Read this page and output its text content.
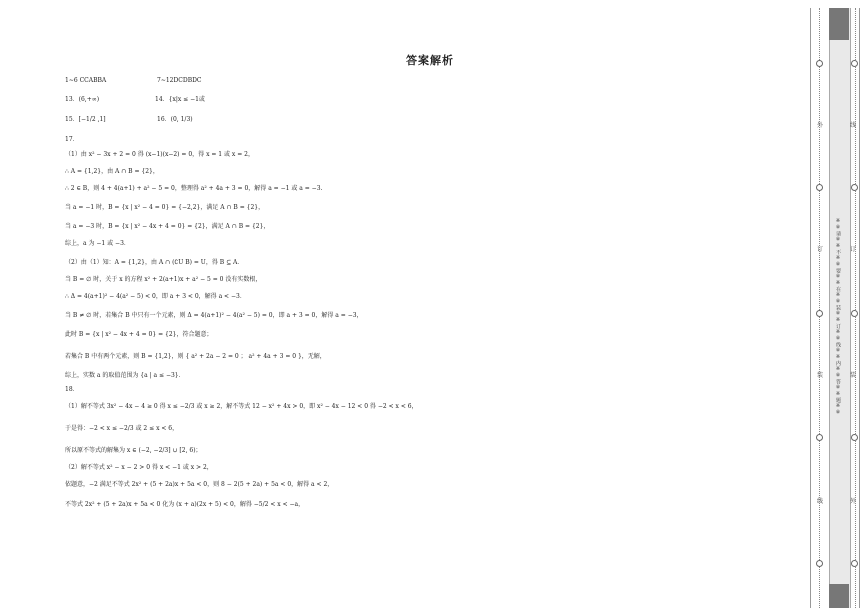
答案解析
1~6 CCABBA	7~12DCDBDC
13．(6,+∞)	14．{x|x ≤ −1或
15．[−1/2 ,1]	16．(0, 1/3)
17．
（1）由 x² − 3x + 2 = 0 得 (x−1)(x−2) = 0，得 x = 1 或 x = 2，
∴ A = {1,2}，由 A ∩ B = {2}，
∴ 2 ∈ B，则 4 + 4(a+1) + a² − 5 = 0，整理得 a² + 4a + 3 = 0，解得 a = −1 或 a = −3.
当 a = −1 时，B = {x | x² − 4 = 0} = {−2,2}，满足 A ∩ B = {2}，
当 a = −3 时，B = {x | x² − 4x + 4 = 0} = {2}，满足 A ∩ B = {2}，
综上，a 为 −1 或 −3．
（2）由（1）知：A = {1,2}，由 A ∩ (∁U B) = U，得 B ⊆ A．
当 B = ∅ 时，关于 x 的方程 x² + 2(a+1)x + a² − 5 = 0 没有实数根，
∴ Δ = 4(a+1)² − 4(a² − 5) < 0，即 a + 3 < 0，解得 a < −3．
当 B ≠ ∅ 时，若集合 B 中只有一个元素，则 Δ = 4(a+1)² − 4(a² − 5) = 0，即 a + 3 = 0，解得 a = −3，
此时 B = {x | x² − 4x + 4 = 0} = {2}，符合题意；
若集合 B 中有两个元素，则 B = {1,2}，则 { a² + 2a − 2 = 0 ； a² + 4a + 3 = 0 }，无解，
综上，实数 a 的取值范围为 {a | a ≤ −3}．
18．
（1）解不等式 3x² − 4x − 4 ≥ 0 得 x ≤ −2/3 或 x ≥ 2，解不等式 12 − x² + 4x > 0，即 x² − 4x − 12 < 0 得 −2 < x < 6，
于是得：−2 < x ≤ −2/3 或 2 ≤ x < 6，
所以原不等式的解集为 x ∈ (−2, −2/3] ∪ [2, 6)；
（2）解不等式 x² − x − 2 > 0 得 x < −1 或 x > 2，
依题意，−2 满足不等式 2x² + (5 + 2a)x + 5a < 0，则 8 − 2(5 + 2a) + 5a < 0，解得 a < 2，
不等式 2x² + (5 + 2a)x + 5a < 0 化为 (x + a)(2x + 5) < 0，解得 −5/2 < x < −a，
外
订
装
线
线
订
装
外
※※请※※不※※要※※在※※装※※订※※线※※内※※答※※题※※
